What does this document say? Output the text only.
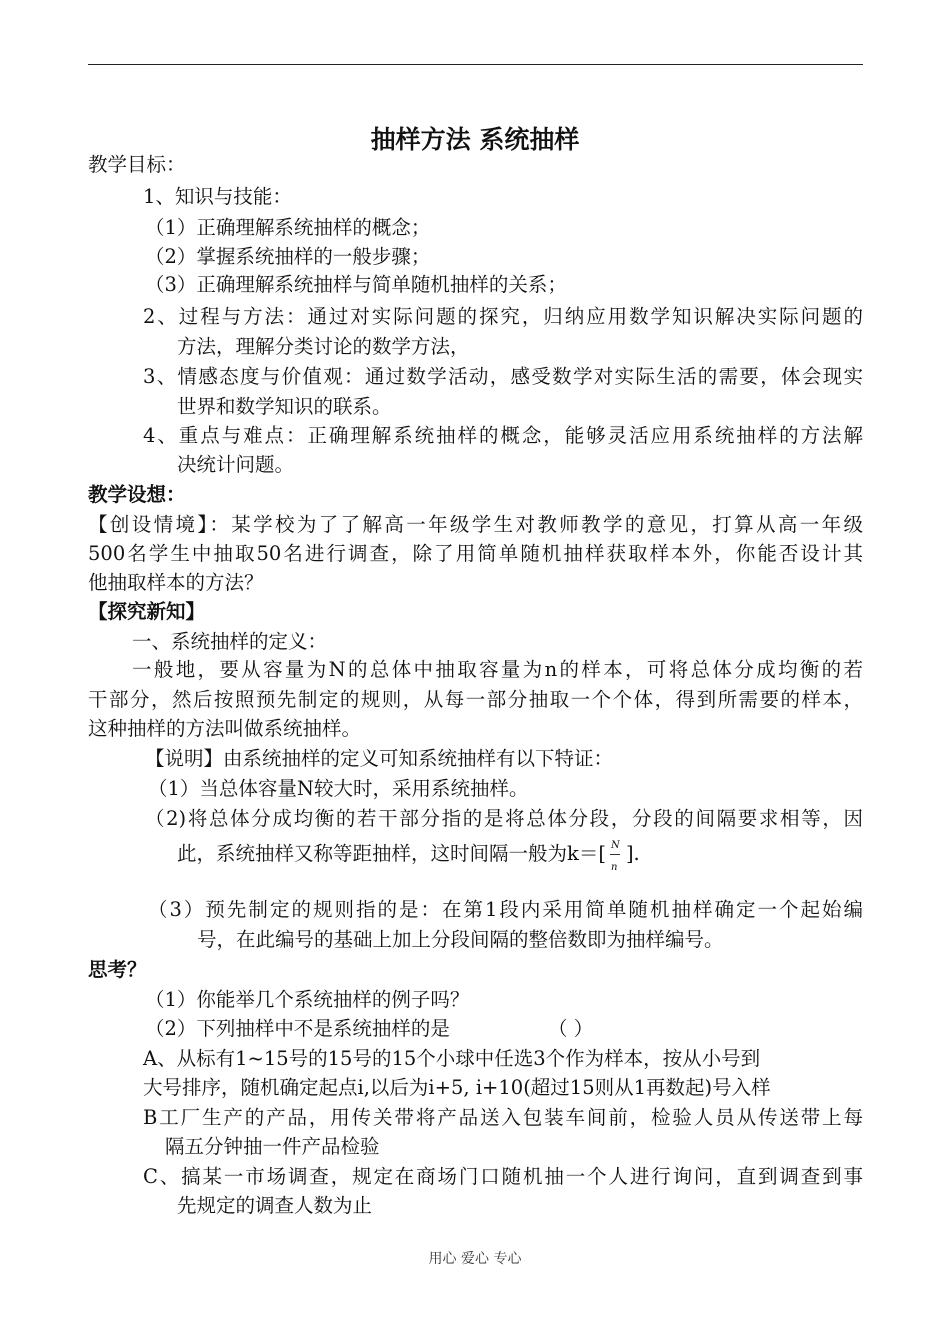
抽样方法 系统抽样
教学目标：
1、知识与技能：
（1）正确理解系统抽样的概念；
（2）掌握系统抽样的一般步骤；
（3）正确理解系统抽样与简单随机抽样的关系；
2、过程与方法：通过对实际问题的探究，归纳应用数学知识解决实际问题的
方法，理解分类讨论的数学方法，
3、情感态度与价值观：通过数学活动，感受数学对实际生活的需要，体会现实
世界和数学知识的联系。
4、重点与难点：正确理解系统抽样的概念，能够灵活应用系统抽样的方法解
决统计问题。
教学设想：
【创设情境】：某学校为了了解高一年级学生对教师教学的意见，打算从高一年级
500名学生中抽取50名进行调查，除了用简单随机抽样获取样本外，你能否设计其
他抽取样本的方法？
【探究新知】
一、系统抽样的定义：
一般地，要从容量为N的总体中抽取容量为n的样本，可将总体分成均衡的若
干部分，然后按照预先制定的规则，从每一部分抽取一个个体，得到所需要的样本，
这种抽样的方法叫做系统抽样。
【说明】由系统抽样的定义可知系统抽样有以下特证：
（1）当总体容量N较大时，采用系统抽样。
（2)将总体分成均衡的若干部分指的是将总体分段，分段的间隔要求相等，因
此，系统抽样又称等距抽样，这时间隔一般为$k=[ \frac{N}{n}$ ].
（3）预先制定的规则指的是：在第1段内采用简单随机抽样确定一个起始编
号，在此编号的基础上加上分段间隔的整倍数即为抽样编号。
思考？
（1）你能举几个系统抽样的例子吗？
（2）下列抽样中不是系统抽样的是	（ ）
A、从标有1~15号的15号的15个小球中任选3个作为样本，按从小号到
大号排序，随机确定起点i,以后为i+5, i+10(超过15则从1再数起)号入样
B工厂生产的产品，用传关带将产品送入包装车间前，检验人员从传送带上每
隔五分钟抽一件产品检验
C、搞某一市场调查，规定在商场门口随机抽一个人进行询问，直到调查到事
先规定的调查人数为止
用心 爱心 专心
